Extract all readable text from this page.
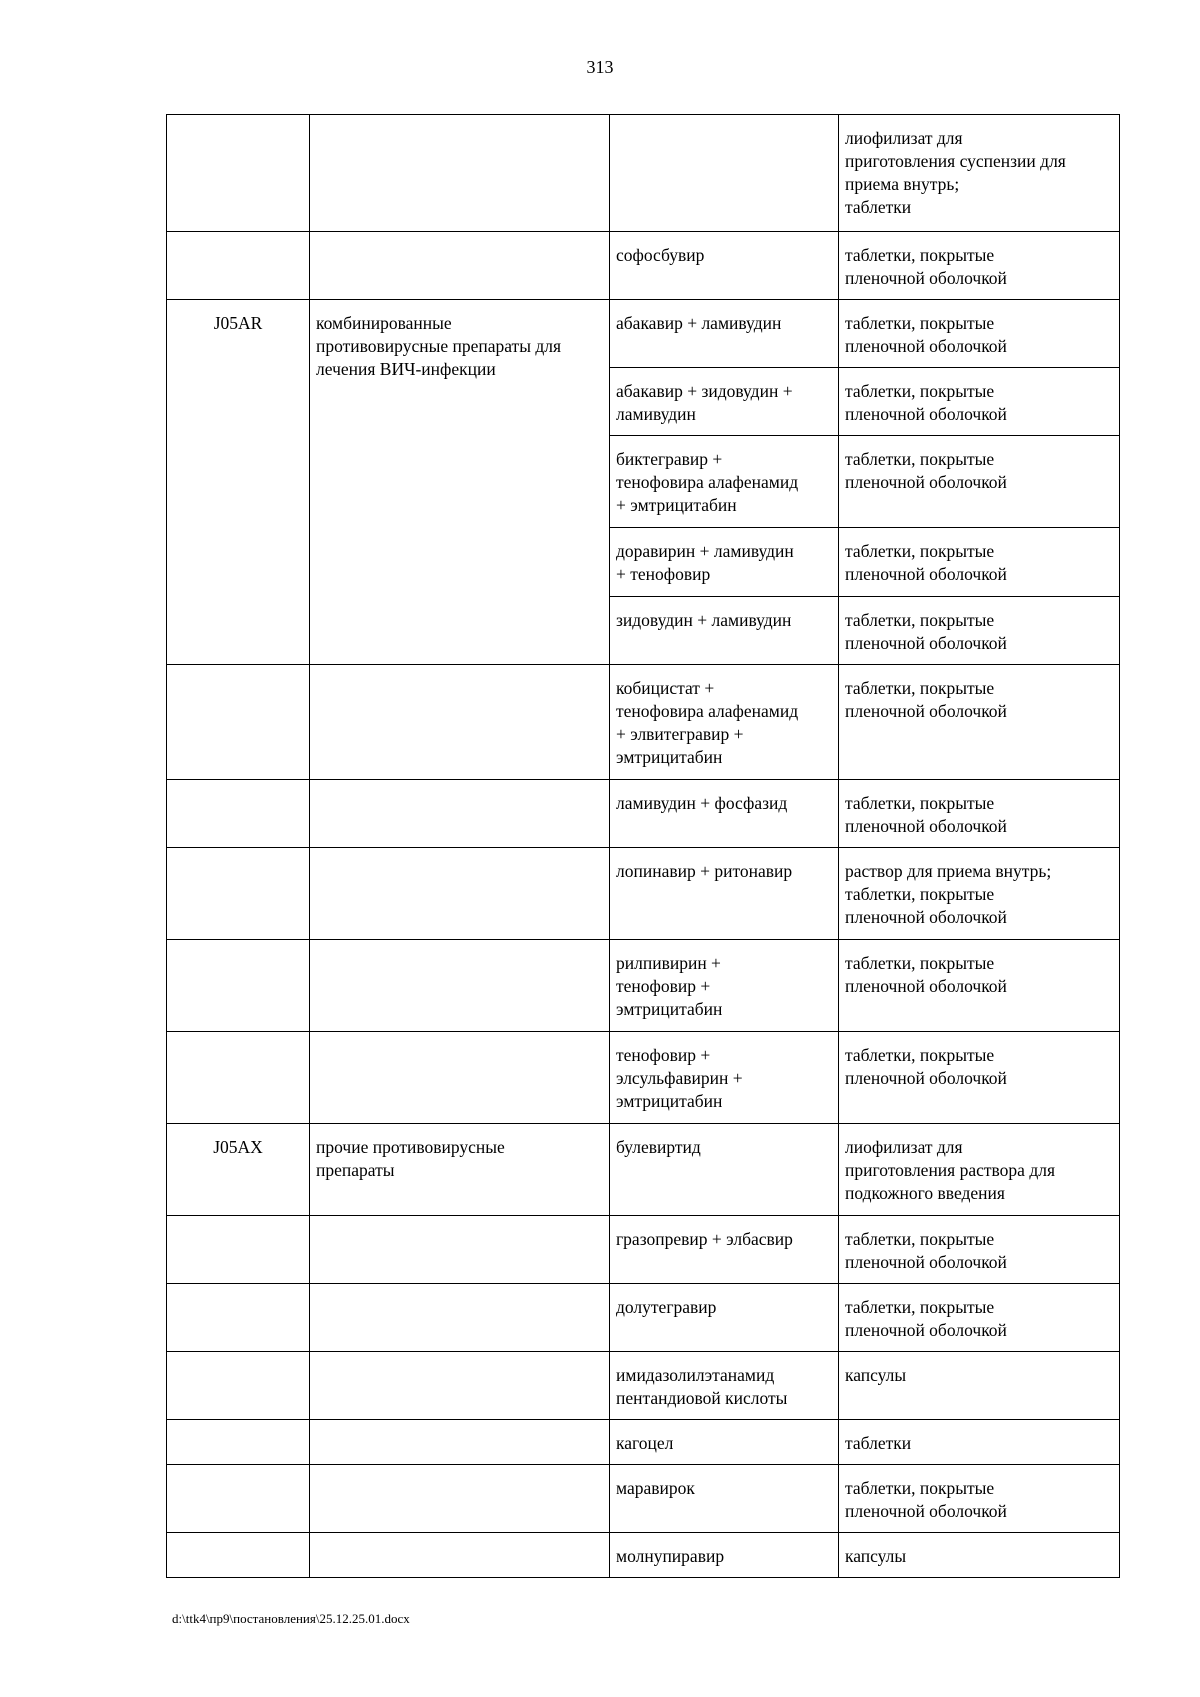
313

			лиофилизат для
приготовления суспензии для
приема внутрь;
таблетки

		софосбувир	таблетки, покрытые
пленочной оболочкой

J05AR	комбинированные
противовирусные препараты для
лечения ВИЧ-инфекции	абакавир + ламивудин	таблетки, покрытые
пленочной оболочкой

		абакавир + зидовудин +
ламивудин	таблетки, покрытые
пленочной оболочкой

		биктегравир +
тенофовира алафенамид
+ эмтрицитабин	таблетки, покрытые
пленочной оболочкой

		доравирин + ламивудин
+ тенофовир	таблетки, покрытые
пленочной оболочкой

		зидовудин + ламивудин	таблетки, покрытые
пленочной оболочкой

		кобицистат +
тенофовира алафенамид
+ элвитегравир +
эмтрицитабин	таблетки, покрытые
пленочной оболочкой

		ламивудин + фосфазид	таблетки, покрытые
пленочной оболочкой

		лопинавир + ритонавир	раствор для приема внутрь;
таблетки, покрытые
пленочной оболочкой

		рилпивирин +
тенофовир +
эмтрицитабин	таблетки, покрытые
пленочной оболочкой

		тенофовир +
элсульфавирин +
эмтрицитабин	таблетки, покрытые
пленочной оболочкой

J05AX	прочие противовирусные
препараты	булевиртид	лиофилизат для
приготовления раствора для
подкожного введения

		гразопревир + элбасвир	таблетки, покрытые
пленочной оболочкой

		долутегравир	таблетки, покрытые
пленочной оболочкой

		имидазолилэтанамид
пентандиовой кислоты	капсулы

		кагоцел	таблетки

		маравирок	таблетки, покрытые
пленочной оболочкой

		молнупиравир	капсулы
d:\ttk4\пр9\постановления\25.12.25.01.docx
